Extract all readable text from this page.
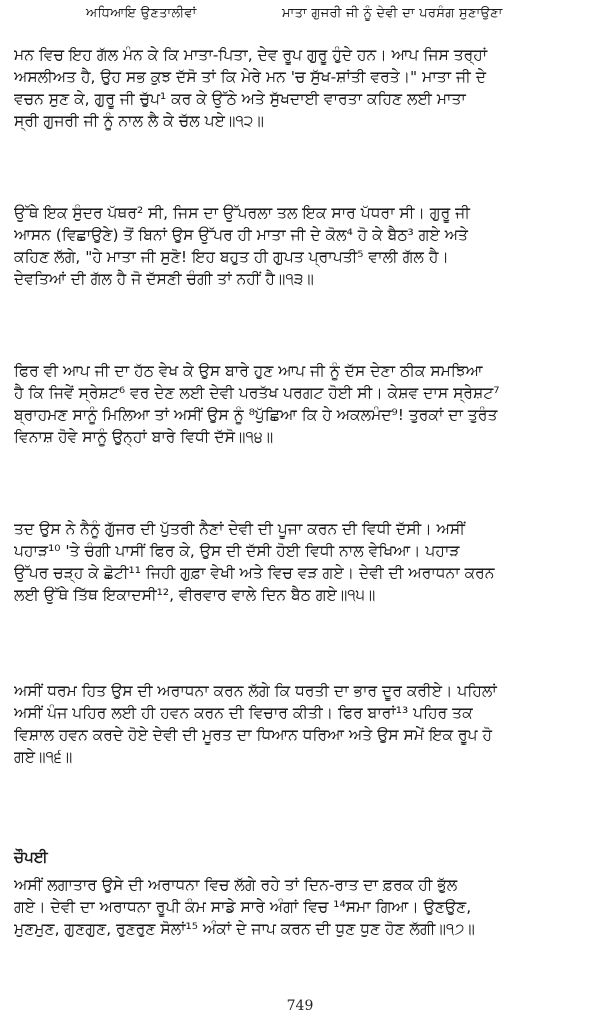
ਅਧਿਆਇ ਉਣਤਾਲੀਵਾਂ	ਮਾਤਾ ਗੁਜਰੀ ਜੀ ਨੂੰ ਦੇਵੀ ਦਾ ਪਰਸੰਗ ਸੁਣਾਉਣਾ

ਮਨ ਵਿਚ ਇਹ ਗੱਲ ਮੰਨ ਕੇ ਕਿ ਮਾਤਾ-ਪਿਤਾ, ਦੇਵ ਰੂਪ ਗੁਰੂ ਹੁੰਦੇ ਹਨ। ਆਪ ਜਿਸ ਤਰ੍ਹਾਂ
ਅਸਲੀਅਤ ਹੈ, ਉਹ ਸਭ ਕੁਝ ਦੱਸੋ ਤਾਂ ਕਿ ਮੇਰੇ ਮਨ 'ਚ ਸੁੱਖ-ਸ਼ਾਂਤੀ ਵਰਤੇ।" ਮਾਤਾ ਜੀ ਦੇ
ਵਚਨ ਸੁਣ ਕੇ, ਗੁਰੂ ਜੀ ਚੁੱਪ¹ ਕਰ ਕੇ ਉੱਠੇ ਅਤੇ ਸੁੱਖਦਾਈ ਵਾਰਤਾ ਕਹਿਣ ਲਈ ਮਾਤਾ
ਸ੍ਰੀ ਗੁਜਰੀ ਜੀ ਨੂੰ ਨਾਲ ਲੈ ਕੇ ਚੱਲ ਪਏ॥੧੨॥

ਉੱਥੇ ਇਕ ਸੁੰਦਰ ਪੱਥਰ² ਸੀ, ਜਿਸ ਦਾ ਉੱਪਰਲਾ ਤਲ ਇਕ ਸਾਰ ਪੱਧਰਾ ਸੀ। ਗੁਰੂ ਜੀ
ਆਸਨ (ਵਿਛਾਉਣੇ) ਤੋਂ ਬਿਨਾਂ ਉਸ ਉੱਪਰ ਹੀ ਮਾਤਾ ਜੀ ਦੇ ਕੋਲ⁴ ਹੋ ਕੇ ਬੈਠ³ ਗਏ ਅਤੇ
ਕਹਿਣ ਲੱਗੇ, "ਹੇ ਮਾਤਾ ਜੀ ਸੁਣੋ! ਇਹ ਬਹੁਤ ਹੀ ਗੁਪਤ ਪ੍ਰਾਪਤੀ⁵ ਵਾਲੀ ਗੱਲ ਹੈ।
ਦੇਵਤਿਆਂ ਦੀ ਗੱਲ ਹੈ ਜੋ ਦੱਸਣੀ ਚੰਗੀ ਤਾਂ ਨਹੀਂ ਹੈ॥੧੩॥

ਫਿਰ ਵੀ ਆਪ ਜੀ ਦਾ ਹੱਠ ਵੇਖ ਕੇ ਉਸ ਬਾਰੇ ਹੁਣ ਆਪ ਜੀ ਨੂੰ ਦੱਸ ਦੇਣਾ ਠੀਕ ਸਮਝਿਆ
ਹੈ ਕਿ ਜਿਵੇਂ ਸ੍ਰੇਸ਼ਟ⁶ ਵਰ ਦੇਣ ਲਈ ਦੇਵੀ ਪਰਤੱਖ ਪਰਗਟ ਹੋਈ ਸੀ। ਕੇਸ਼ਵ ਦਾਸ ਸ੍ਰੇਸ਼ਟ⁷
ਬ੍ਰਾਹਮਣ ਸਾਨੂੰ ਮਿਲਿਆ ਤਾਂ ਅਸੀਂ ਉਸ ਨੂੰ ⁸ਪੁੱਛਿਆ ਕਿ ਹੇ ਅਕਲਮੰਦ⁹! ਤੁਰਕਾਂ ਦਾ ਤੁਰੰਤ
ਵਿਨਾਸ਼ ਹੋਵੇ ਸਾਨੂੰ ਉਨ੍ਹਾਂ ਬਾਰੇ ਵਿਧੀ ਦੱਸੋ॥੧੪॥

ਤਦ ਉਸ ਨੇ ਨੈਨੂੰ ਗੁੱਜਰ ਦੀ ਪੁੱਤਰੀ ਨੈਣਾਂ ਦੇਵੀ ਦੀ ਪੂਜਾ ਕਰਨ ਦੀ ਵਿਧੀ ਦੱਸੀ। ਅਸੀਂ
ਪਹਾੜ¹⁰ 'ਤੇ ਚੰਗੀ ਪਾਸੀਂ ਫਿਰ ਕੇ, ਉਸ ਦੀ ਦੱਸੀ ਹੋਈ ਵਿਧੀ ਨਾਲ ਵੇਖਿਆ। ਪਹਾੜ
ਉੱਪਰ ਚੜ੍ਹ ਕੇ ਛੋਟੀ¹¹ ਜਿਹੀ ਗੁਫ਼ਾ ਵੇਖੀ ਅਤੇ ਵਿਚ ਵੜ ਗਏ। ਦੇਵੀ ਦੀ ਅਰਾਧਨਾ ਕਰਨ
ਲਈ ਉੱਥੇ ਤਿੱਥ ਇਕਾਦਸੀ¹², ਵੀਰਵਾਰ ਵਾਲੇ ਦਿਨ ਬੈਠ ਗਏ॥੧੫॥

ਅਸੀਂ ਧਰਮ ਹਿਤ ਉਸ ਦੀ ਅਰਾਧਨਾ ਕਰਨ ਲੱਗੇ ਕਿ ਧਰਤੀ ਦਾ ਭਾਰ ਦੂਰ ਕਰੀਏ। ਪਹਿਲਾਂ
ਅਸੀਂ ਪੰਜ ਪਹਿਰ ਲਈ ਹੀ ਹਵਨ ਕਰਨ ਦੀ ਵਿਚਾਰ ਕੀਤੀ। ਫਿਰ ਬਾਰਾਂ¹³ ਪਹਿਰ ਤਕ
ਵਿਸ਼ਾਲ ਹਵਨ ਕਰਦੇ ਹੋਏ ਦੇਵੀ ਦੀ ਮੂਰਤ ਦਾ ਧਿਆਨ ਧਰਿਆ ਅਤੇ ਉਸ ਸਮੇਂ ਇਕ ਰੂਪ ਹੋ
ਗਏ॥੧੬॥

ਚੌਪਈ

ਅਸੀਂ ਲਗਾਤਾਰ ਉਸੇ ਦੀ ਅਰਾਧਨਾ ਵਿਚ ਲੱਗੇ ਰਹੇ ਤਾਂ ਦਿਨ-ਰਾਤ ਦਾ ਫ਼ਰਕ ਹੀ ਭੁੱਲ
ਗਏ। ਦੇਵੀ ਦਾ ਅਰਾਧਨਾ ਰੂਪੀ ਕੰਮ ਸਾਡੇ ਸਾਰੇ ਅੰਗਾਂ ਵਿਚ ¹⁴ਸਮਾ ਗਿਆ। ਉਣਉਣ,
ਮੁਣਮੁਣ, ਗੁਣਗੁਣ, ਰੁਣਰੁਣ ਸੋਲਾਂ¹⁵ ਅੰਕਾਂ ਦੇ ਜਾਪ ਕਰਨ ਦੀ ਧੁਣ ਧੁਣ ਹੋਣ ਲੱਗੀ॥੧੭॥

749
